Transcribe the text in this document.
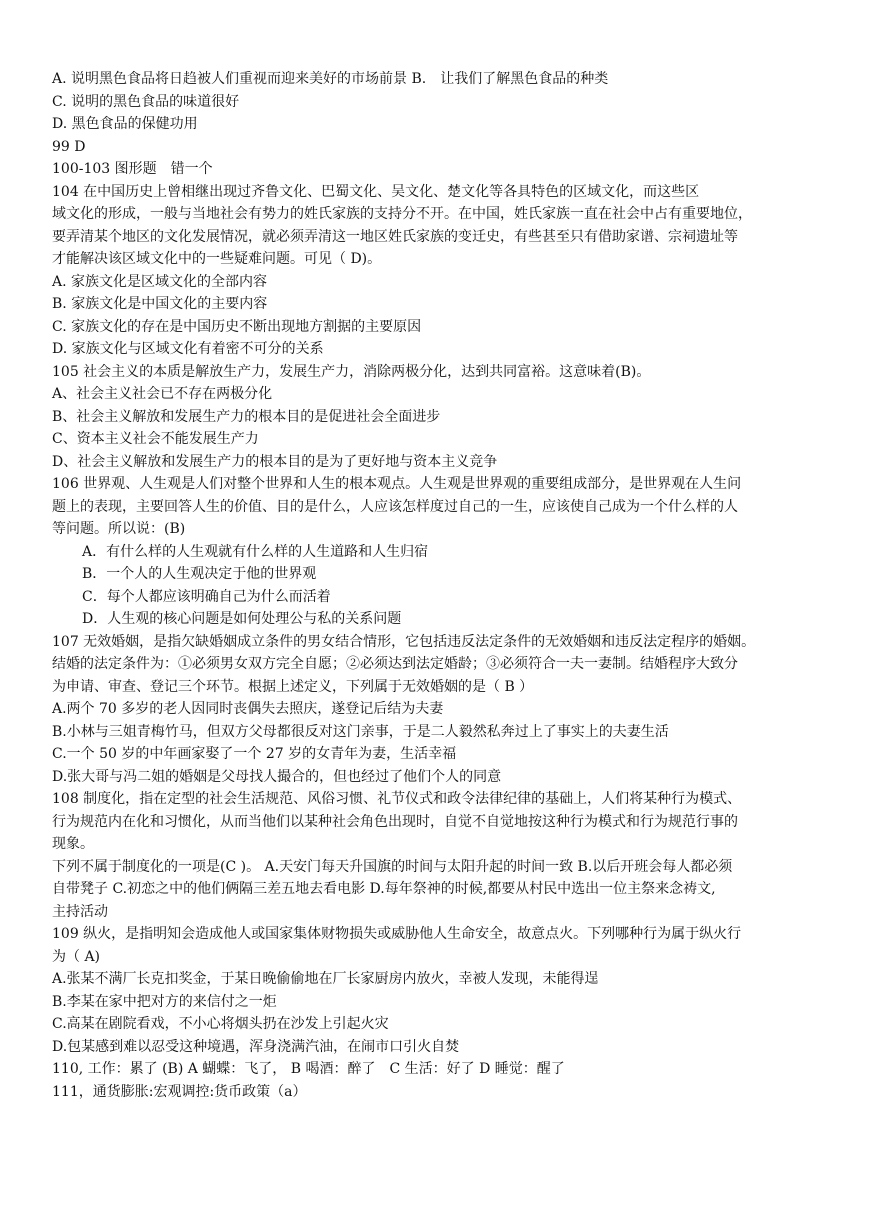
A. 说明黑色食品将日趋被人们重视而迎来美好的市场前景 B.　让我们了解黑色食品的种类
C. 说明的黑色食品的味道很好
D. 黑色食品的保健功用
99 D
100-103 图形题　错一个
104 在中国历史上曾相继出现过齐鲁文化、巴蜀文化、吴文化、楚文化等各具特色的区域文化，而这些区
域文化的形成，一般与当地社会有势力的姓氏家族的支持分不开。在中国，姓氏家族一直在社会中占有重要地位，
要弄清某个地区的文化发展情况，就必须弄清这一地区姓氏家族的变迁史，有些甚至只有借助家谱、宗祠遗址等
才能解决该区域文化中的一些疑难问题。可见（ D)。
A. 家族文化是区域文化的全部内容
B. 家族文化是中国文化的主要内容
C. 家族文化的存在是中国历史不断出现地方割据的主要原因
D. 家族文化与区域文化有着密不可分的关系
105 社会主义的本质是解放生产力，发展生产力，消除两极分化，达到共同富裕。这意味着(B)。
A、社会主义社会已不存在两极分化
B、社会主义解放和发展生产力的根本目的是促进社会全面进步
C、资本主义社会不能发展生产力
D、社会主义解放和发展生产力的根本目的是为了更好地与资本主义竞争
106 世界观、人生观是人们对整个世界和人生的根本观点。人生观是世界观的重要组成部分，是世界观在人生问
题上的表现，主要回答人生的价值、目的是什么，人应该怎样度过自己的一生，应该使自己成为一个什么样的人
等问题。所以说：(B)
A．有什么样的人生观就有什么样的人生道路和人生归宿
B．一个人的人生观决定于他的世界观
C．每个人都应该明确自己为什么而活着
D．人生观的核心问题是如何处理公与私的关系问题
107 无效婚姻，是指欠缺婚姻成立条件的男女结合情形，它包括违反法定条件的无效婚姻和违反法定程序的婚姻。
结婚的法定条件为：①必须男女双方完全自愿；②必须达到法定婚龄；③必须符合一夫一妻制。结婚程序大致分
为申请、审查、登记三个环节。根据上述定义，下列属于无效婚姻的是（ B ）
A.两个 70 多岁的老人因同时丧偶失去照庆，遂登记后结为夫妻
B.小林与三姐青梅竹马，但双方父母都很反对这门亲事，于是二人毅然私奔过上了事实上的夫妻生活
C.一个 50 岁的中年画家娶了一个 27 岁的女青年为妻，生活幸福
D.张大哥与冯二姐的婚姻是父母找人撮合的，但也经过了他们个人的同意
108 制度化，指在定型的社会生活规范、风俗习惯、礼节仪式和政令法律纪律的基础上，人们将某种行为模式、
行为规范内在化和习惯化，从而当他们以某种社会角色出现时，自觉不自觉地按这种行为模式和行为规范行事的
现象。
下列不属于制度化的一项是(C )。 A.天安门每天升国旗的时间与太阳升起的时间一致 B.以后开班会每人都必须
自带凳子 C.初恋之中的他们俩隔三差五地去看电影 D.每年祭神的时候,都要从村民中选出一位主祭来念祷文,
主持活动
109 纵火，是指明知会造成他人或国家集体财物损失或威胁他人生命安全，故意点火。下列哪种行为属于纵火行
为（ A)
A.张某不满厂长克扣奖金，于某日晚偷偷地在厂长家厨房内放火，幸被人发现，未能得逞
B.李某在家中把对方的来信付之一炬
C.高某在剧院看戏，不小心将烟头扔在沙发上引起火灾
D.包某感到难以忍受这种境遇，浑身浇满汽油，在闹市口引火自焚
110, 工作：累了 (B) A 蝴蝶：飞了， B 喝酒：醉了　C 生活：好了 D 睡觉：醒了
111，通货膨胀:宏观调控:货币政策（a）
